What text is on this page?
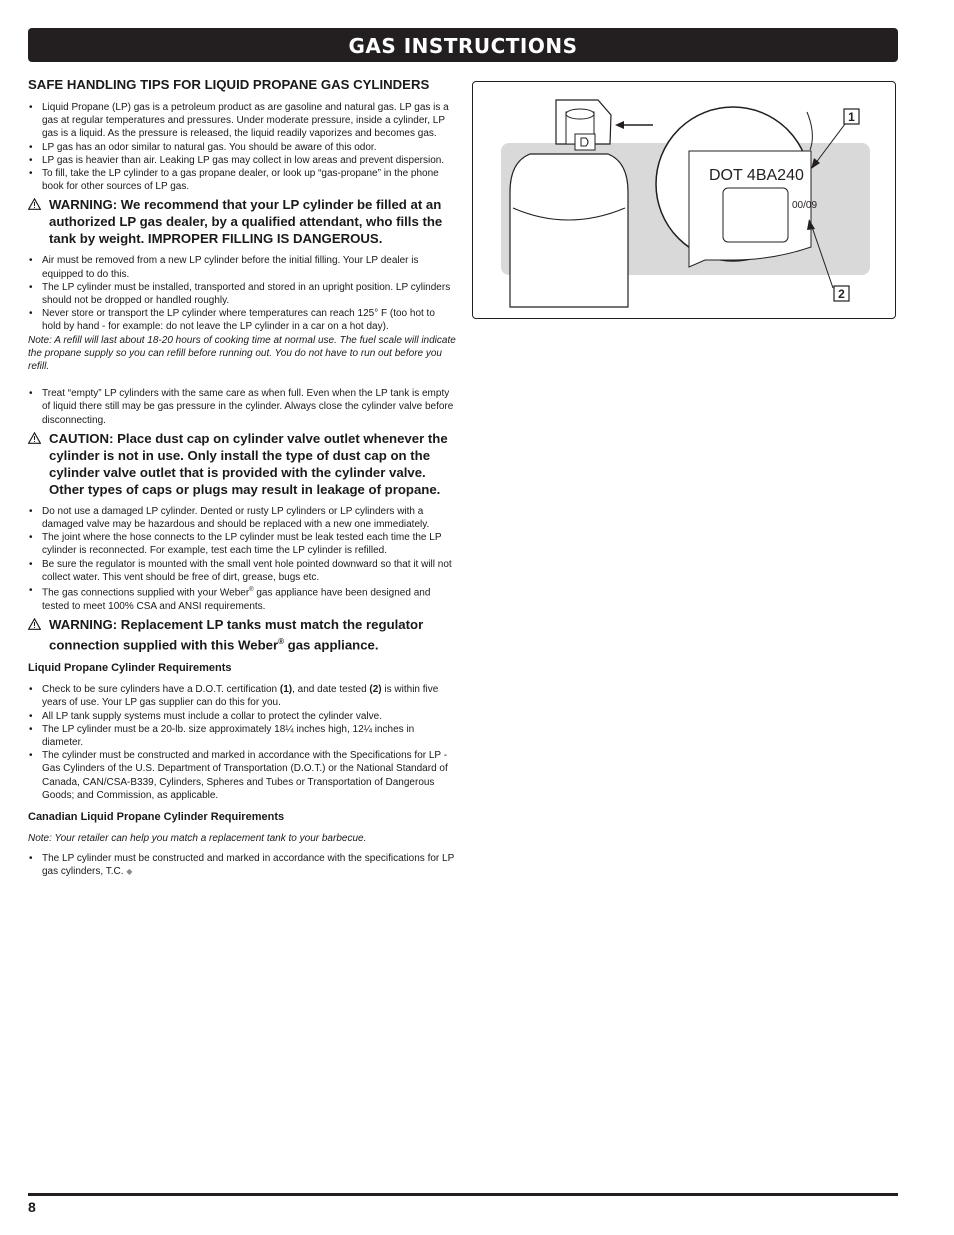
GAS INSTRUCTIONS
SAFE HANDLING TIPS FOR LIQUID PROPANE GAS CYLINDERS
• Liquid Propane (LP) gas is a petroleum product as are gasoline and natural gas. LP gas is a gas at regular temperatures and pressures. Under moderate pressure, inside a cylinder, LP gas is a liquid. As the pressure is released, the liquid readily vaporizes and becomes gas.
• LP gas has an odor similar to natural gas. You should be aware of this odor.
• LP gas is heavier than air. Leaking LP gas may collect in low areas and prevent dispersion.
• To fill, take the LP cylinder to a gas propane dealer, or look up “gas-propane” in the phone book for other sources of LP gas.
WARNING: We recommend that your LP cylinder be filled at an authorized LP gas dealer, by a qualified attendant, who fills the tank by weight. IMPROPER FILLING IS DANGEROUS.
• Air must be removed from a new LP cylinder before the initial filling. Your LP dealer is equipped to do this.
• The LP cylinder must be installed, transported and stored in an upright position. LP cylinders should not be dropped or handled roughly.
• Never store or transport the LP cylinder where temperatures can reach 125° F (too hot to hold by hand - for example: do not leave the LP cylinder in a car on a hot day).
Note: A refill will last about 18-20 hours of cooking time at normal use. The fuel scale will indicate the propane supply so you can refill before running out. You do not have to run out before you refill.
• Treat “empty” LP cylinders with the same care as when full. Even when the LP tank is empty of liquid there still may be gas pressure in the cylinder. Always close the cylinder valve before disconnecting.
CAUTION: Place dust cap on cylinder valve outlet whenever the cylinder is not in use. Only install the type of dust cap on the cylinder valve outlet that is provided with the cylinder valve. Other types of caps or plugs may result in leakage of propane.
• Do not use a damaged LP cylinder. Dented or rusty LP cylinders or LP cylinders with a damaged valve may be hazardous and should be replaced with a new one immediately.
• The joint where the hose connects to the LP cylinder must be leak tested each time the LP cylinder is reconnected. For example, test each time the LP cylinder is refilled.
• Be sure the regulator is mounted with the small vent hole pointed downward so that it will not collect water. This vent should be free of dirt, grease, bugs etc.
• The gas connections supplied with your Weber® gas appliance have been designed and tested to meet 100% CSA and ANSI requirements.
WARNING: Replacement LP tanks must match the regulator connection supplied with this Weber® gas appliance.
Liquid Propane Cylinder Requirements
• Check to be sure cylinders have a D.O.T. certification (1), and date tested (2) is within five years of use. Your LP gas supplier can do this for you.
• All LP tank supply systems must include a collar to protect the cylinder valve.
• The LP cylinder must be a 20-lb. size approximately 18¼ inches high, 12¼ inches in diameter.
• The cylinder must be constructed and marked in accordance with the Specifications for LP - Gas Cylinders of the U.S. Department of Transportation (D.O.T.) or the National Standard of Canada, CAN/CSA-B339, Cylinders, Spheres and Tubes or Transportation of Dangerous Goods; and Commission, as applicable.
Canadian Liquid Propane Cylinder Requirements
Note: Your retailer can help you match a replacement tank to your barbecue.
• The LP cylinder must be constructed and marked in accordance with the specifications for LP gas cylinders, T.C. ◆
DOT 4BA240
00/09
1
2
8
